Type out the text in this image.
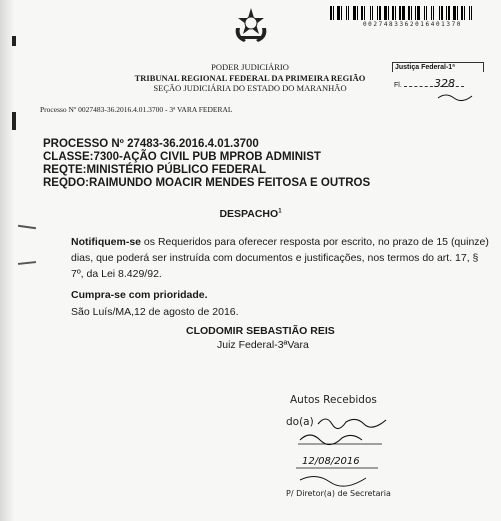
0027483362016401370
PODER JUDICIÁRIO
TRIBUNAL REGIONAL FEDERAL DA PRIMEIRA REGIÃO
SEÇÃO JUDICIÁRIA DO ESTADO DO MARANHÃO
Justiça Federal-1ª
Fl.	328
Processo Nº 0027483-36.2016.4.01.3700 - 3ª VARA FEDERAL
PROCESSO Nº 27483-36.2016.4.01.3700
CLASSE:7300-AÇÃO CIVIL PUB MPROB ADMINIST
REQTE:MINISTÉRIO PÚBLICO FEDERAL
REQDO:RAIMUNDO MOACIR MENDES FEITOSA E OUTROS
DESPACHO$^1$
Notifiquem-se os Requeridos para oferecer resposta por escrito, no prazo de 15 (quinze) dias, que poderá ser instruída com documentos e justificações, nos termos do art. 17, § 7º, da Lei 8.429/92.
Cumpra-se com prioridade.
São Luís/MA,12 de agosto de 2016.
CLODOMIR SEBASTIÃO REIS
Juiz Federal-3ªVara
Autos Recebidos
do(a)
12/08/2016
P/ Diretor(a) de Secretaria
